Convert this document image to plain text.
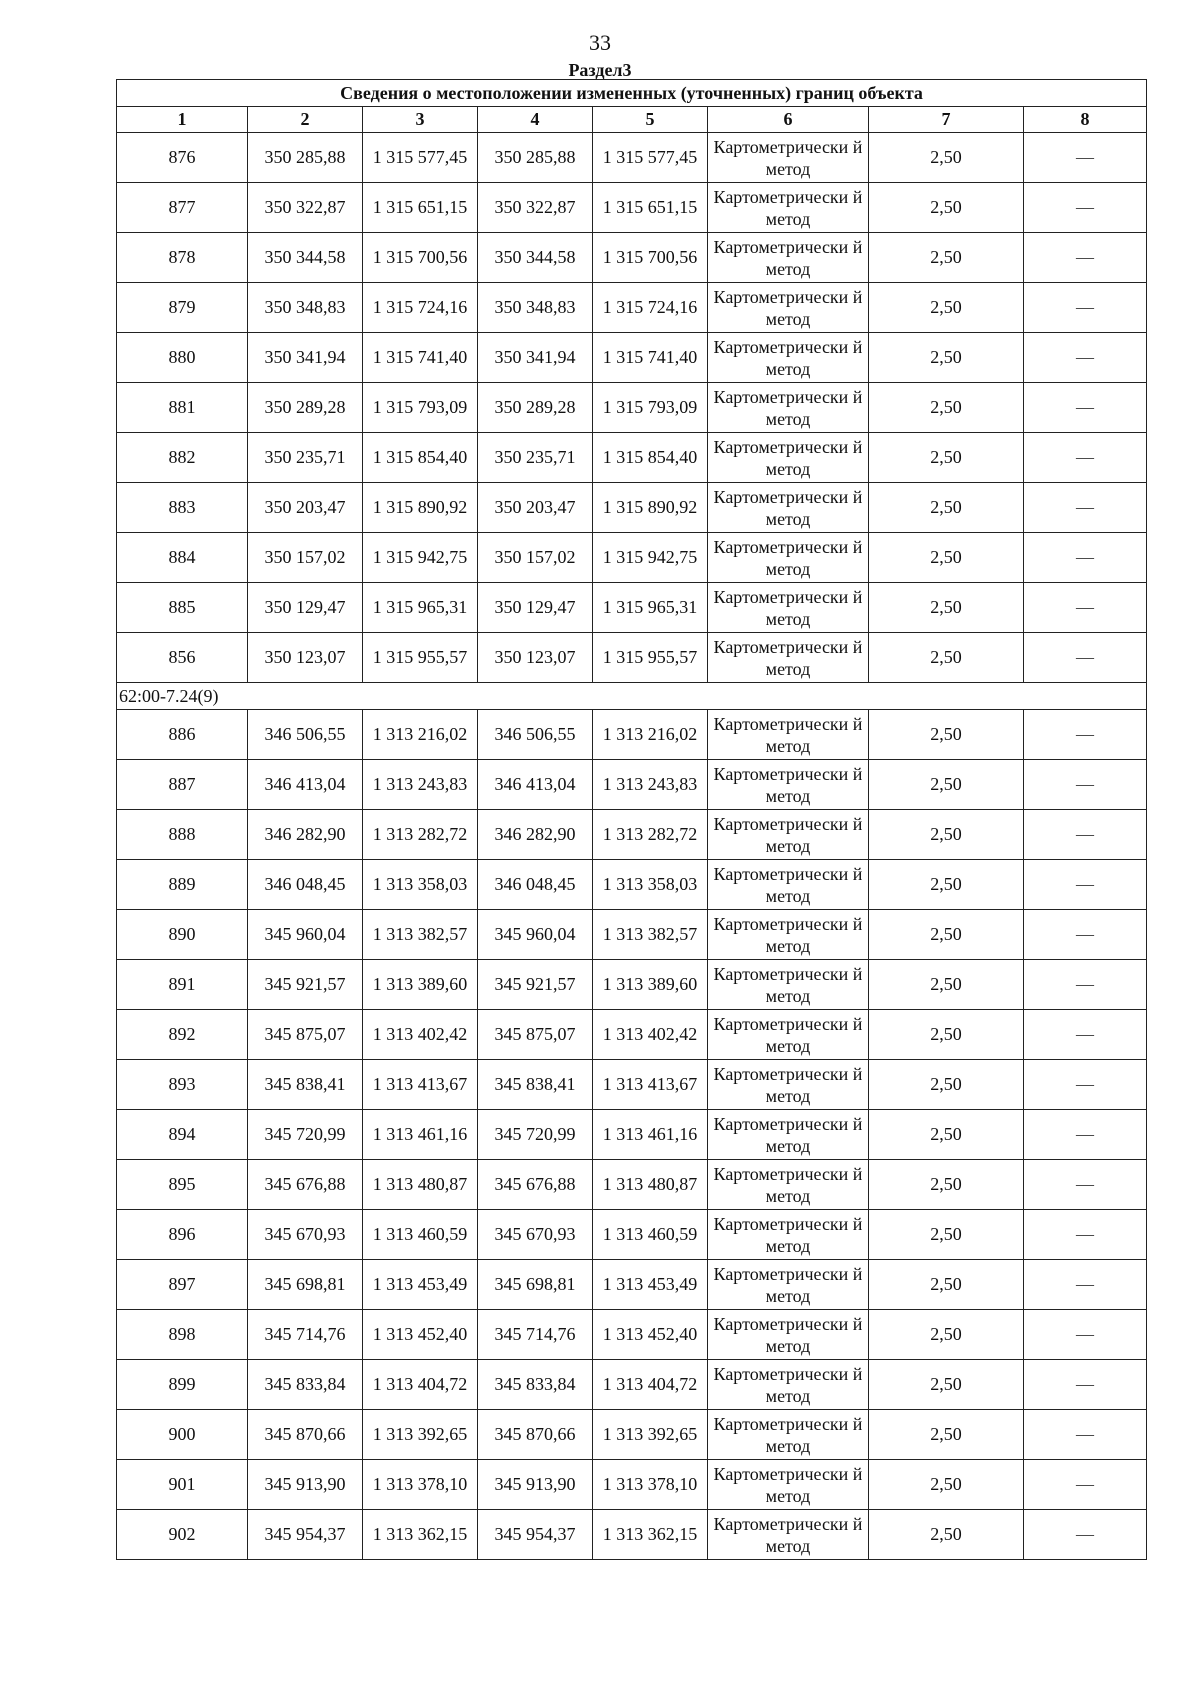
33
Раздел3
Сведения о местоположении измененных (уточненных) границ объекта							
1	2	3	4	5	6	7	8
876	350 285,88	1 315 577,45	350 285,88	1 315 577,45	Картометрически й метод	2,50	—
877	350 322,87	1 315 651,15	350 322,87	1 315 651,15	Картометрически й метод	2,50	—
878	350 344,58	1 315 700,56	350 344,58	1 315 700,56	Картометрически й метод	2,50	—
879	350 348,83	1 315 724,16	350 348,83	1 315 724,16	Картометрически й метод	2,50	—
880	350 341,94	1 315 741,40	350 341,94	1 315 741,40	Картометрически й метод	2,50	—
881	350 289,28	1 315 793,09	350 289,28	1 315 793,09	Картометрически й метод	2,50	—
882	350 235,71	1 315 854,40	350 235,71	1 315 854,40	Картометрически й метод	2,50	—
883	350 203,47	1 315 890,92	350 203,47	1 315 890,92	Картометрически й метод	2,50	—
884	350 157,02	1 315 942,75	350 157,02	1 315 942,75	Картометрически й метод	2,50	—
885	350 129,47	1 315 965,31	350 129,47	1 315 965,31	Картометрически й метод	2,50	—
856	350 123,07	1 315 955,57	350 123,07	1 315 955,57	Картометрически й метод	2,50	—
62:00-7.24(9)							
886	346 506,55	1 313 216,02	346 506,55	1 313 216,02	Картометрически й метод	2,50	—
887	346 413,04	1 313 243,83	346 413,04	1 313 243,83	Картометрически й метод	2,50	—
888	346 282,90	1 313 282,72	346 282,90	1 313 282,72	Картометрически й метод	2,50	—
889	346 048,45	1 313 358,03	346 048,45	1 313 358,03	Картометрически й метод	2,50	—
890	345 960,04	1 313 382,57	345 960,04	1 313 382,57	Картометрически й метод	2,50	—
891	345 921,57	1 313 389,60	345 921,57	1 313 389,60	Картометрически й метод	2,50	—
892	345 875,07	1 313 402,42	345 875,07	1 313 402,42	Картометрически й метод	2,50	—
893	345 838,41	1 313 413,67	345 838,41	1 313 413,67	Картометрически й метод	2,50	—
894	345 720,99	1 313 461,16	345 720,99	1 313 461,16	Картометрически й метод	2,50	—
895	345 676,88	1 313 480,87	345 676,88	1 313 480,87	Картометрически й метод	2,50	—
896	345 670,93	1 313 460,59	345 670,93	1 313 460,59	Картометрически й метод	2,50	—
897	345 698,81	1 313 453,49	345 698,81	1 313 453,49	Картометрически й метод	2,50	—
898	345 714,76	1 313 452,40	345 714,76	1 313 452,40	Картометрически й метод	2,50	—
899	345 833,84	1 313 404,72	345 833,84	1 313 404,72	Картометрически й метод	2,50	—
900	345 870,66	1 313 392,65	345 870,66	1 313 392,65	Картометрически й метод	2,50	—
901	345 913,90	1 313 378,10	345 913,90	1 313 378,10	Картометрически й метод	2,50	—
902	345 954,37	1 313 362,15	345 954,37	1 313 362,15	Картометрически й метод	2,50	—
